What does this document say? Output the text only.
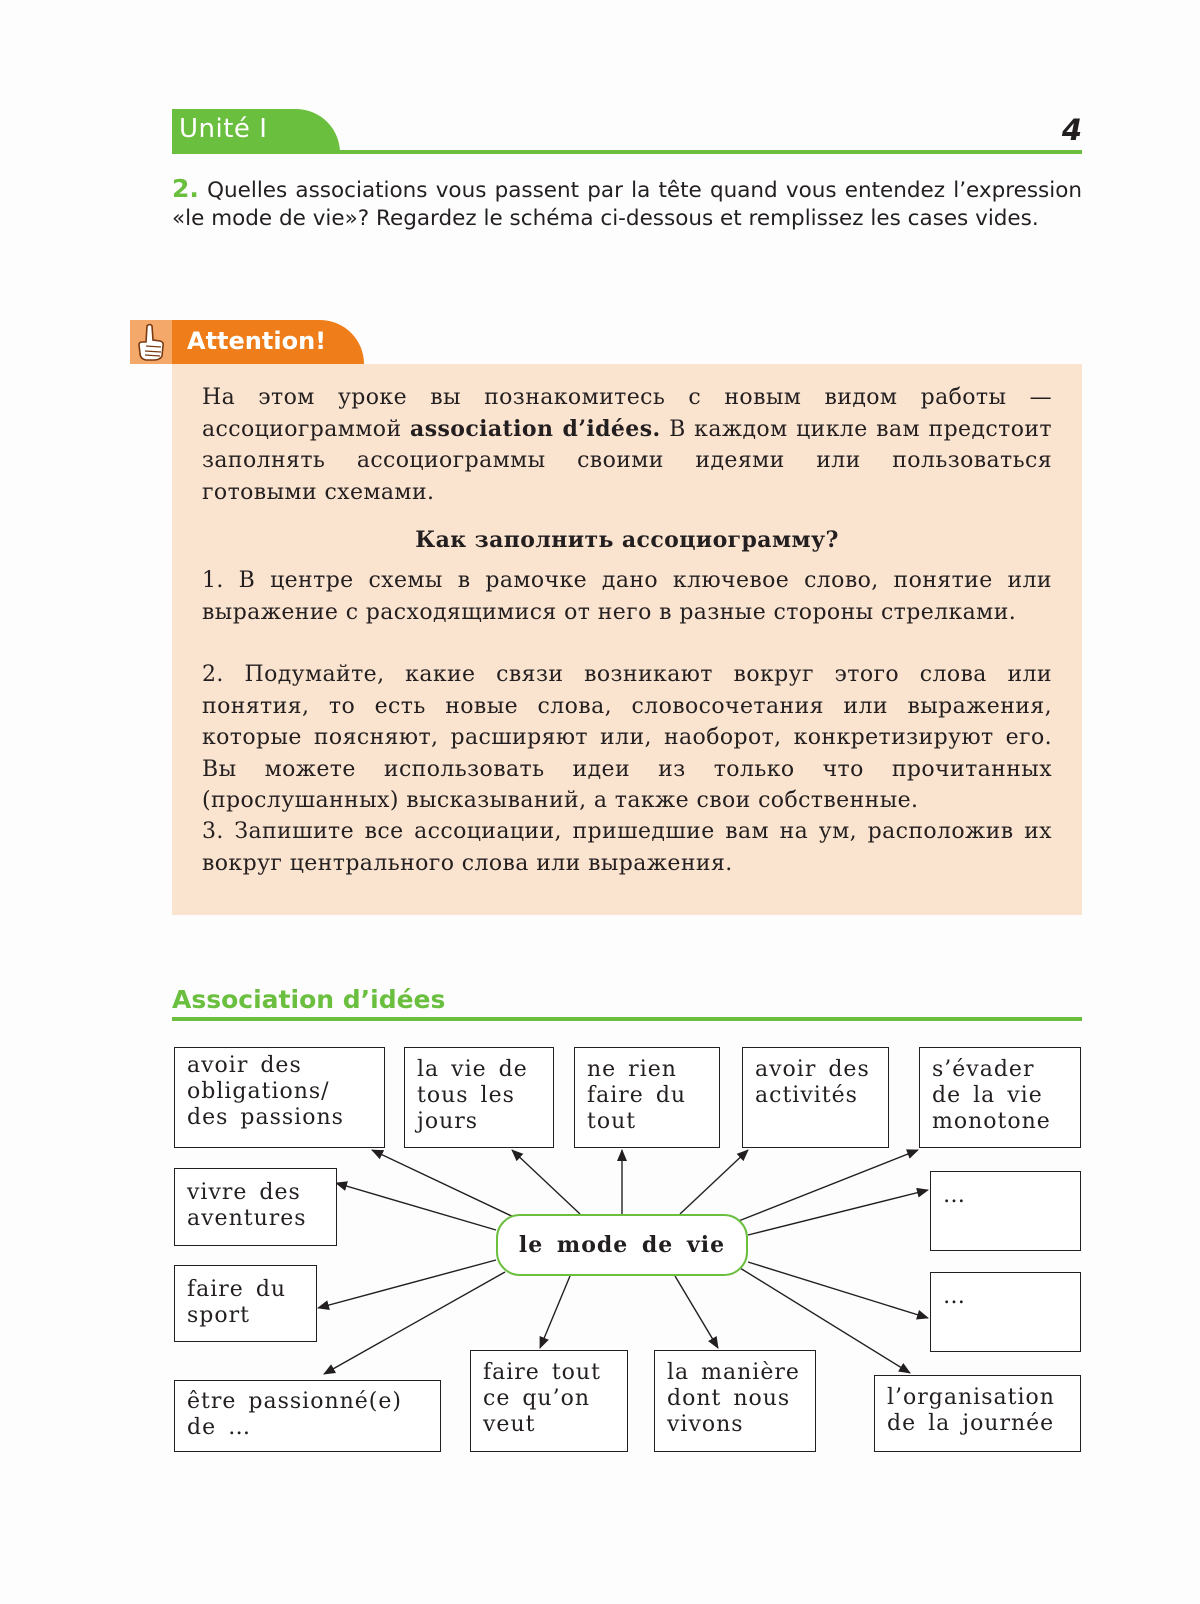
Unité I	4
2. Quelles associations vous passent par la tête quand vous entendez l’expression «le mode de vie»? Regardez le schéma ci-dessous et remplissez les cases vides.
Attention!
На этом уроке вы познакомитесь с новым видом работы — ассоциограммой association d’idées. В каждом цикле вам предстоит заполнять ассоциограммы своими идеями или пользоваться готовыми схемами.
Как заполнить ассоциограмму?
1. В центре схемы в рамочке дано ключевое слово, понятие или выражение с расходящимися от него в разные стороны стрелками.
2. Подумайте, какие связи возникают вокруг этого слова или понятия, то есть новые слова, словосочетания или выражения, которые поясняют, расширяют или, наоборот, конкретизируют его. Вы можете использовать идеи из только что прочитанных (прослушанных) высказываний, а также свои собственные.
3. Запишите все ассоциации, пришедшие вам на ум, расположив их вокруг центрального слова или выражения.
Association d’idées
avoir des obligations/ des passions
la vie de tous les jours
ne rien faire du tout
avoir des activités
s’évader de la vie monotone
vivre des aventures
…
faire du sport
…
être passionné(e) de …
faire tout ce qu’on veut
la manière dont nous vivons
l’organisation de la journée
le mode de vie
